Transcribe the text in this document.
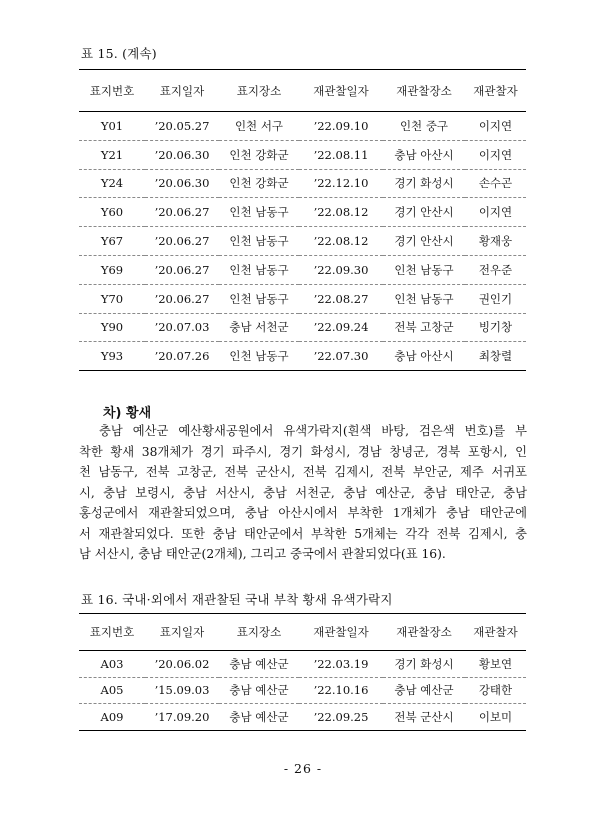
표 15. (계속)
표지번호	표지일자	표지장소	재관찰일자	재관찰장소	재관찰자
Y01	’20.05.27	인천 서구	’22.09.10	인천 중구	이지연
Y21	’20.06.30	인천 강화군	’22.08.11	충남 아산시	이지연
Y24	’20.06.30	인천 강화군	’22.12.10	경기 화성시	손수곤
Y60	’20.06.27	인천 남동구	’22.08.12	경기 안산시	이지연
Y67	’20.06.27	인천 남동구	’22.08.12	경기 안산시	황재웅
Y69	’20.06.27	인천 남동구	’22.09.30	인천 남동구	전우준
Y70	’20.06.27	인천 남동구	’22.08.27	인천 남동구	권인기
Y90	’20.07.03	충남 서천군	’22.09.24	전북 고창군	빙기창
Y93	’20.07.26	인천 남동구	’22.07.30	충남 아산시	최창렬
차) 황새
충남 예산군 예산황새공원에서 유색가락지(흰색 바탕, 검은색 번호)를 부
착한 황새 38개체가 경기 파주시, 경기 화성시, 경남 창녕군, 경북 포항시, 인
천 남동구, 전북 고창군, 전북 군산시, 전북 김제시, 전북 부안군, 제주 서귀포
시, 충남 보령시, 충남 서산시, 충남 서천군, 충남 예산군, 충남 태안군, 충남
홍성군에서 재관찰되었으며, 충남 아산시에서 부착한 1개체가 충남 태안군에
서 재관찰되었다. 또한 충남 태안군에서 부착한 5개체는 각각 전북 김제시, 충
남 서산시, 충남 태안군(2개체), 그리고 중국에서 관찰되었다(표 16).
표 16. 국내·외에서 재관찰된 국내 부착 황새 유색가락지
표지번호	표지일자	표지장소	재관찰일자	재관찰장소	재관찰자
A03	’20.06.02	충남 예산군	’22.03.19	경기 화성시	황보연
A05	’15.09.03	충남 예산군	’22.10.16	충남 예산군	강태한
A09	’17.09.20	충남 예산군	’22.09.25	전북 군산시	이보미
- 26 -
